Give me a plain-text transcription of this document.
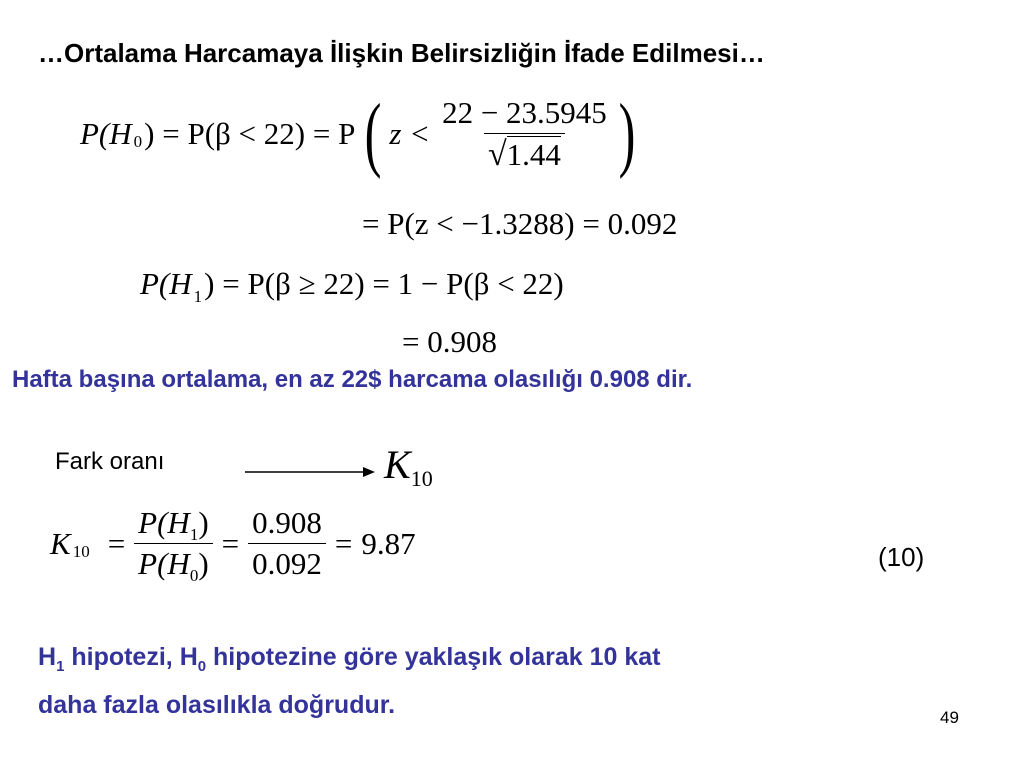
…Ortalama Harcamaya İlişkin Belirsizliğin İfade Edilmesi…
P(H 0 ) = P(β < 22) = P ( $z < \frac{22 - 23.5945}{√1.44}$ )
= P(z < −1.3288) = 0.092
P(H $_1$) = P(β ≥ 22) = 1 − P(β < 22)
= 0.908
Hafta başına ortalama, en az 22$ harcama olasılığı 0.908 dir.
Fark oranı	$K_{10}$
K $10 = \frac{P(H_1)}{P(H_0)} = \frac{0.908}{0.092} = 9.87$	(10)
$H_1$ hipotezi, $H_0$ hipotezine göre yaklaşık olarak 10 kat
daha fazla olasılıkla doğrudur.	49
